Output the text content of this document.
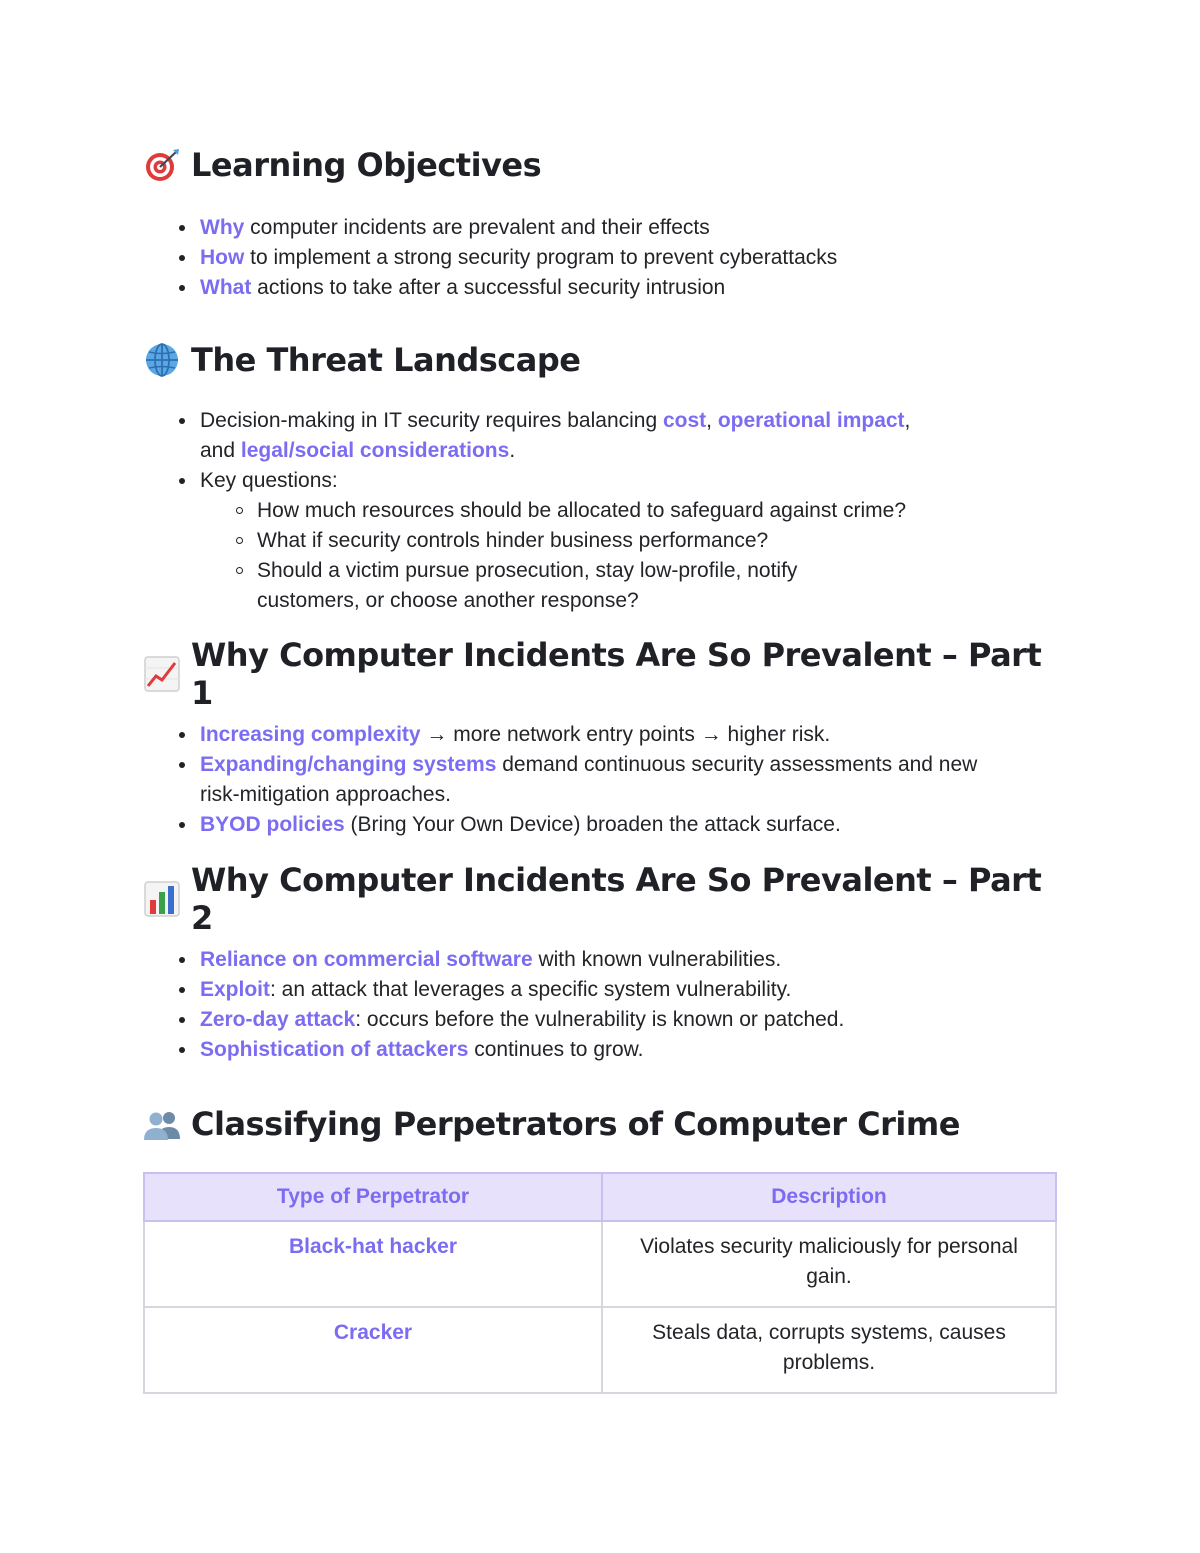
Learning Objectives
Why computer incidents are prevalent and their effects
How to implement a strong security program to prevent cyberattacks
What actions to take after a successful security intrusion
The Threat Landscape
Decision-making in IT security requires balancing cost, operational impact,
and legal/social considerations.
Key questions:
How much resources should be allocated to safeguard against crime?
What if security controls hinder business performance?
Should a victim pursue prosecution, stay low-profile, notify customers, or choose another response?
Why Computer Incidents Are So Prevalent – Part 1
Increasing complexity → more network entry points → higher risk.
Expanding/changing systems demand continuous security assessments and new risk-mitigation approaches.
BYOD policies (Bring Your Own Device) broaden the attack surface.
Why Computer Incidents Are So Prevalent – Part 2
Reliance on commercial software with known vulnerabilities.
Exploit: an attack that leverages a specific system vulnerability.
Zero-day attack: occurs before the vulnerability is known or patched.
Sophistication of attackers continues to grow.
Classifying Perpetrators of Computer Crime
Type of Perpetrator	Description
Black-hat hacker	Violates security maliciously for personal gain.
Cracker	Steals data, corrupts systems, causes problems.
